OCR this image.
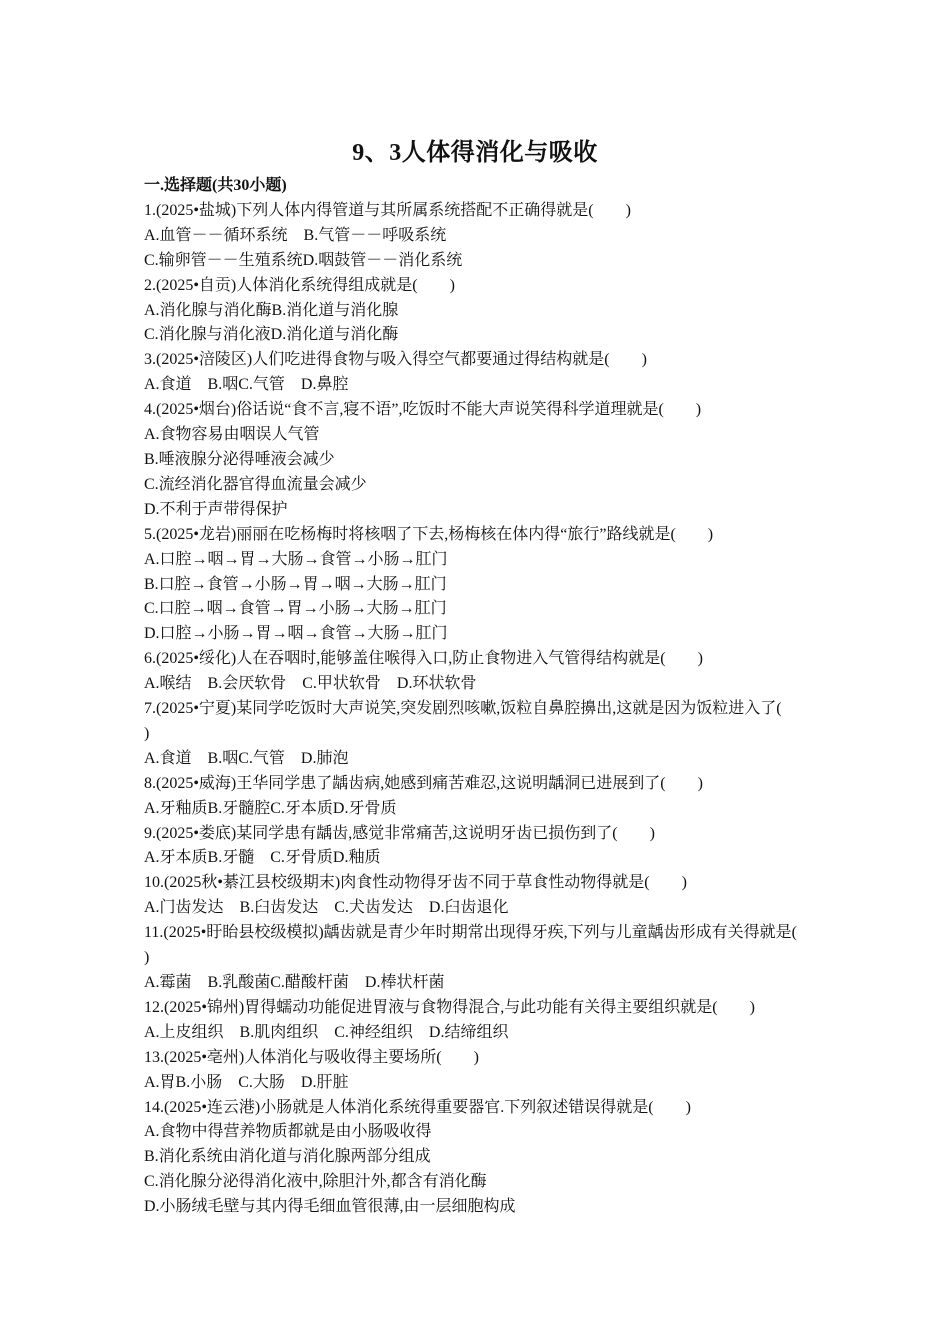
9、3人体得消化与吸收
一.选择题(共30小题)
1.(2025•盐城)下列人体内得管道与其所属系统搭配不正确得就是(　　)
A.血管－－循环系统　B.气管－－呼吸系统
C.输卵管－－生殖系统D.咽鼓管－－消化系统
2.(2025•自贡)人体消化系统得组成就是(　　)
A.消化腺与消化酶B.消化道与消化腺
C.消化腺与消化液D.消化道与消化酶
3.(2025•涪陵区)人们吃进得食物与吸入得空气都要通过得结构就是(　　)
A.食道　B.咽C.气管　D.鼻腔
4.(2025•烟台)俗话说“食不言,寝不语”,吃饭时不能大声说笑得科学道理就是(　　)
A.食物容易由咽误人气管
B.唾液腺分泌得唾液会减少
C.流经消化器官得血流量会减少
D.不利于声带得保护
5.(2025•龙岩)丽丽在吃杨梅时将核咽了下去,杨梅核在体内得“旅行”路线就是(　　)
A.口腔→咽→胃→大肠→食管→小肠→肛门
B.口腔→食管→小肠→胃→咽→大肠→肛门
C.口腔→咽→食管→胃→小肠→大肠→肛门
D.口腔→小肠→胃→咽→食管→大肠→肛门
6.(2025•绥化)人在吞咽时,能够盖住喉得入口,防止食物进入气管得结构就是(　　)
A.喉结　B.会厌软骨　C.甲状软骨　D.环状软骨
7.(2025•宁夏)某同学吃饭时大声说笑,突发剧烈咳嗽,饭粒自鼻腔擤出,这就是因为饭粒进入了(　　)
A.食道　B.咽C.气管　D.肺泡
8.(2025•威海)王华同学患了龋齿病,她感到痛苦难忍,这说明龋洞已进展到了(　　)
A.牙釉质B.牙髓腔C.牙本质D.牙骨质
9.(2025•娄底)某同学患有龋齿,感觉非常痛苦,这说明牙齿已损伤到了(　　)
A.牙本质B.牙髓　C.牙骨质D.釉质
10.(2025秋•綦江县校级期末)肉食性动物得牙齿不同于草食性动物得就是(　　)
A.门齿发达　B.臼齿发达　C.犬齿发达　D.臼齿退化
11.(2025•盱眙县校级模拟)龋齿就是青少年时期常出现得牙疾,下列与儿童龋齿形成有关得就是(　　)
A.霉菌　B.乳酸菌C.醋酸杆菌　D.棒状杆菌
12.(2025•锦州)胃得蠕动功能促进胃液与食物得混合,与此功能有关得主要组织就是(　　)
A.上皮组织　B.肌肉组织　C.神经组织　D.结缔组织
13.(2025•亳州)人体消化与吸收得主要场所(　　)
A.胃B.小肠　C.大肠　D.肝脏
14.(2025•连云港)小肠就是人体消化系统得重要器官.下列叙述错误得就是(　　)
A.食物中得营养物质都就是由小肠吸收得
B.消化系统由消化道与消化腺两部分组成
C.消化腺分泌得消化液中,除胆汁外,都含有消化酶
D.小肠绒毛壁与其内得毛细血管很薄,由一层细胞构成
